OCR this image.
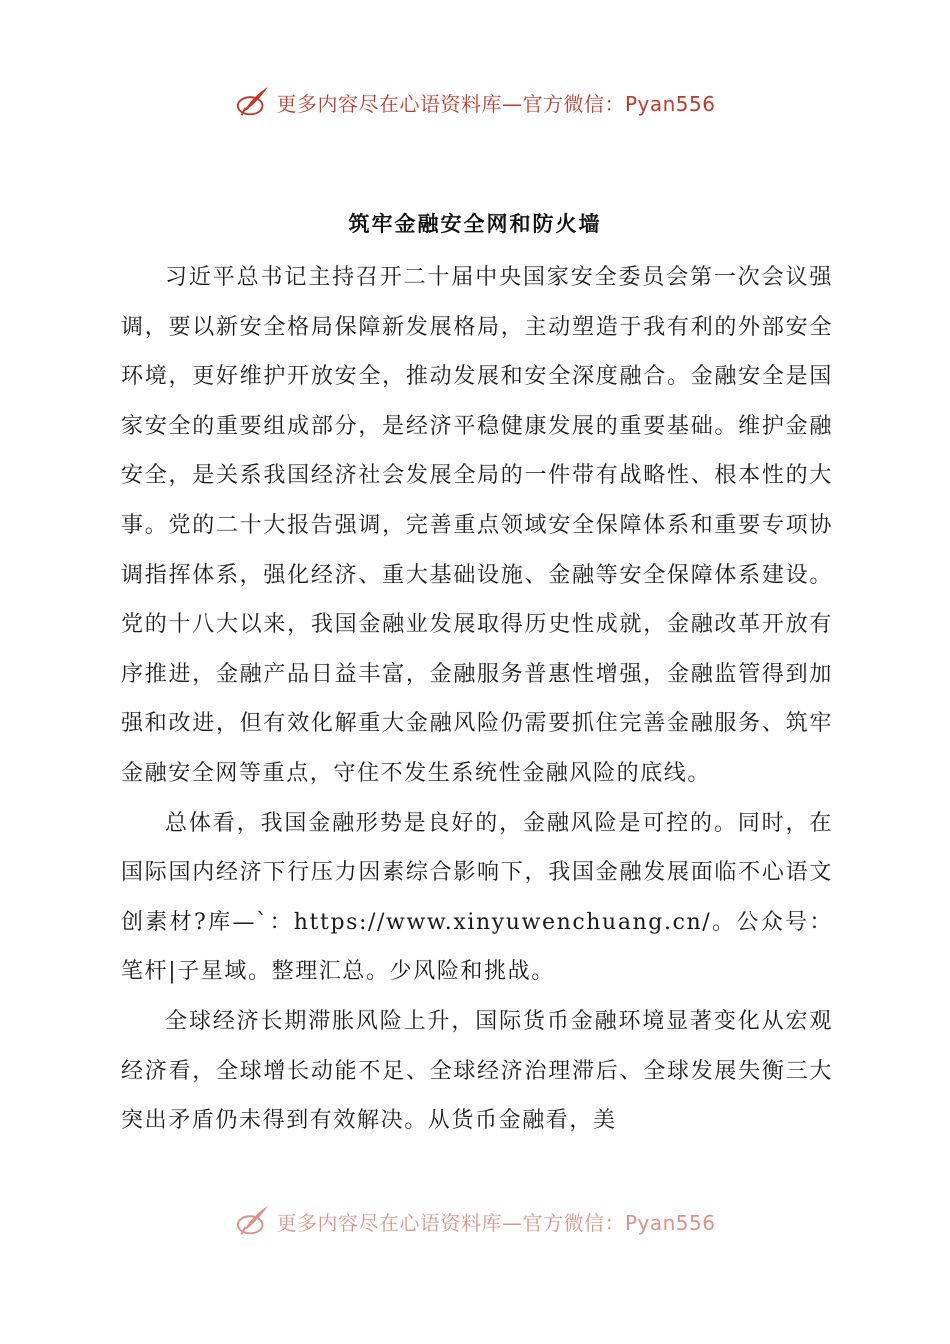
更多内容尽在心语资料库—官方微信：Pyan556
筑牢金融安全网和防火墙

习近平总书记主持召开二十届中央国家安全委员会第一次会议强调，要以新安全格局保障新发展格局，主动塑造于我有利的外部安全环境，更好维护开放安全，推动发展和安全深度融合。金融安全是国家安全的重要组成部分，是经济平稳健康发展的重要基础。维护金融安全，是关系我国经济社会发展全局的一件带有战略性、根本性的大事。党的二十大报告强调，完善重点领域安全保障体系和重要专项协调指挥体系，强化经济、重大基础设施、金融等安全保障体系建设。党的十八大以来，我国金融业发展取得历史性成就，金融改革开放有序推进，金融产品日益丰富，金融服务普惠性增强，金融监管得到加强和改进，但有效化解重大金融风险仍需要抓住完善金融服务、筑牢金融安全网等重点，守住不发生系统性金融风险的底线。

总体看，我国金融形势是良好的，金融风险是可控的。同时，在国际国内经济下行压力因素综合影响下，我国金融发展面临不心语文创素材?库—`：https://www.xinyuwenchuang.cn/。公众号：笔杆|子星域。整理汇总。少风险和挑战。

全球经济长期滞胀风险上升，国际货币金融环境显著变化从宏观经济看，全球增长动能不足、全球经济治理滞后、全球发展失衡三大突出矛盾仍未得到有效解决。从货币金融看，美

更多内容尽在心语资料库—官方微信：Pyan556
